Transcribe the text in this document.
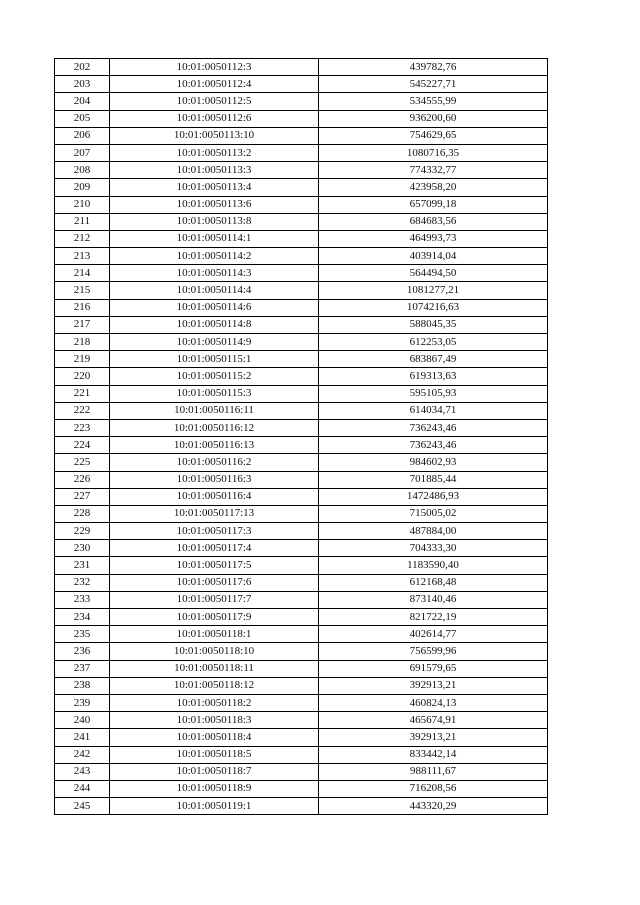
202	10:01:0050112:3	439782,76
203	10:01:0050112:4	545227,71
204	10:01:0050112:5	534555,99
205	10:01:0050112:6	936200,60
206	10:01:0050113:10	754629,65
207	10:01:0050113:2	1080716,35
208	10:01:0050113:3	774332,77
209	10:01:0050113:4	423958,20
210	10:01:0050113:6	657099,18
211	10:01:0050113:8	684683,56
212	10:01:0050114:1	464993,73
213	10:01:0050114:2	403914,04
214	10:01:0050114:3	564494,50
215	10:01:0050114:4	1081277,21
216	10:01:0050114:6	1074216,63
217	10:01:0050114:8	588045,35
218	10:01:0050114:9	612253,05
219	10:01:0050115:1	683867,49
220	10:01:0050115:2	619313,63
221	10:01:0050115:3	595105,93
222	10:01:0050116:11	614034,71
223	10:01:0050116:12	736243,46
224	10:01:0050116:13	736243,46
225	10:01:0050116:2	984602,93
226	10:01:0050116:3	701885,44
227	10:01:0050116:4	1472486,93
228	10:01:0050117:13	715005,02
229	10:01:0050117:3	487884,00
230	10:01:0050117:4	704333,30
231	10:01:0050117:5	1183590,40
232	10:01:0050117:6	612168,48
233	10:01:0050117:7	873140,46
234	10:01:0050117:9	821722,19
235	10:01:0050118:1	402614,77
236	10:01:0050118:10	756599,96
237	10:01:0050118:11	691579,65
238	10:01:0050118:12	392913,21
239	10:01:0050118:2	460824,13
240	10:01:0050118:3	465674,91
241	10:01:0050118:4	392913,21
242	10:01:0050118:5	833442,14
243	10:01:0050118:7	988111,67
244	10:01:0050118:9	716208,56
245	10:01:0050119:1	443320,29
